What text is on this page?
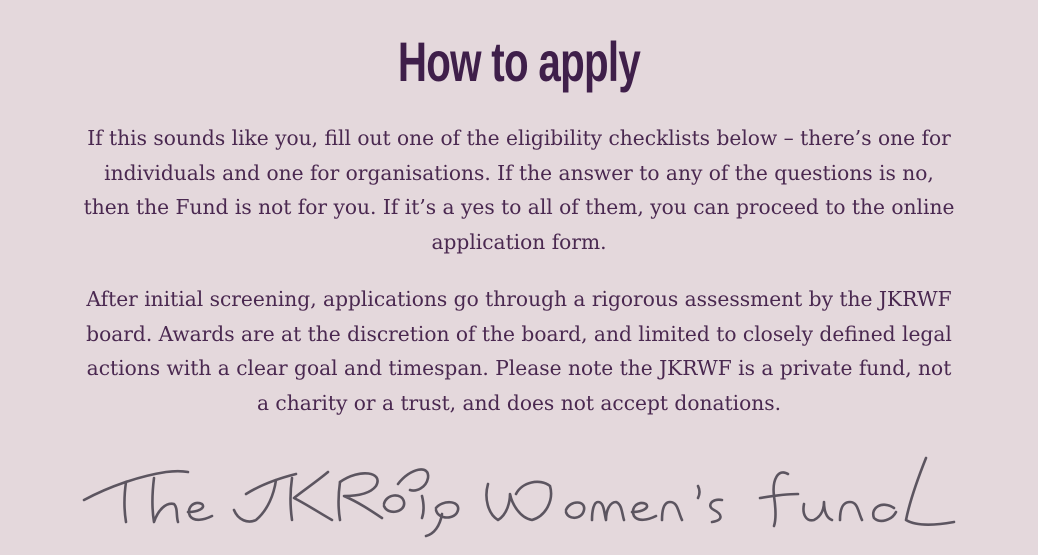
How to apply

If this sounds like you, fill out one of the eligibility checklists below – there’s one for individuals and one for organisations. If the answer to any of the questions is no, then the Fund is not for you. If it’s a yes to all of them, you can proceed to the online application form.

After initial screening, applications go through a rigorous assessment by the JKRWF board. Awards are at the discretion of the board, and limited to closely defined legal actions with a clear goal and timespan. Please note the JKRWF is a private fund, not a charity or a trust, and does not accept donations.
